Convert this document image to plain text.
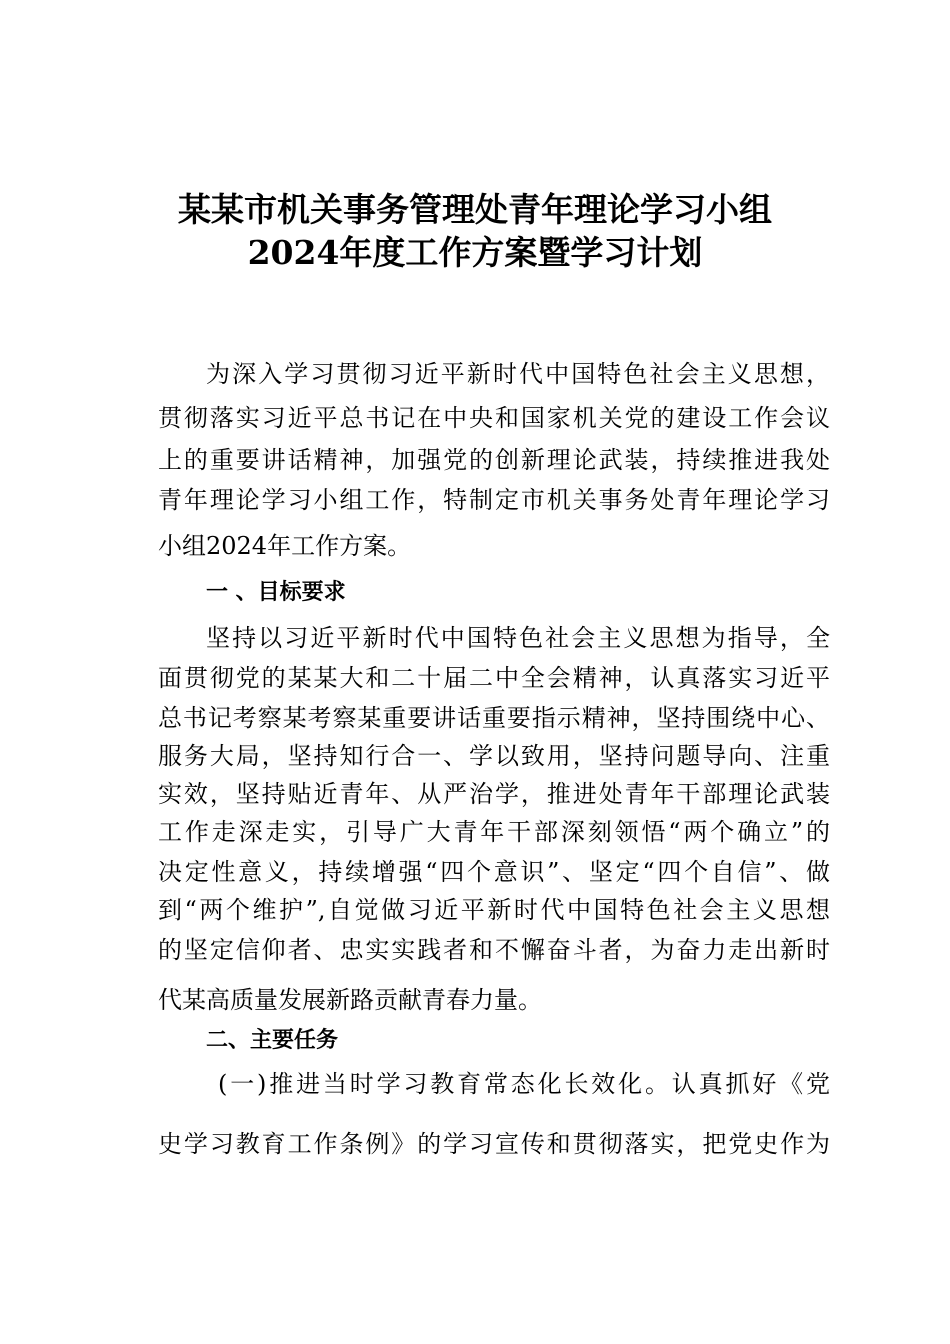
某某市机关事务管理处青年理论学习小组
2024年度工作方案暨学习计划
为深入学习贯彻习近平新时代中国特色社会主义思想，
贯彻落实习近平总书记在中央和国家机关党的建设工作会议
上的重要讲话精神，加强党的创新理论武装，持续推进我处
青年理论学习小组工作，特制定市机关事务处青年理论学习
小组2024年工作方案。
一 、目标要求
坚持以习近平新时代中国特色社会主义思想为指导，全
面贯彻党的某某大和二十届二中全会精神，认真落实习近平
总书记考察某考察某重要讲话重要指示精神，坚持围绕中心、
服务大局，坚持知行合一、学以致用，坚持问题导向、注重
实效，坚持贴近青年、从严治学，推进处青年干部理论武装
工作走深走实，引导广大青年干部深刻领悟“两个确立”的
决定性意义，持续增强“四个意识”、坚定“四个自信”、做
到“两个维护”,自觉做习近平新时代中国特色社会主义思想
的坚定信仰者、忠实实践者和不懈奋斗者，为奋力走出新时
代某高质量发展新路贡献青春力量。
二、主要任务
(一)推进当时学习教育常态化长效化。认真抓好《党
史学习教育工作条例》的学习宣传和贯彻落实，把党史作为
